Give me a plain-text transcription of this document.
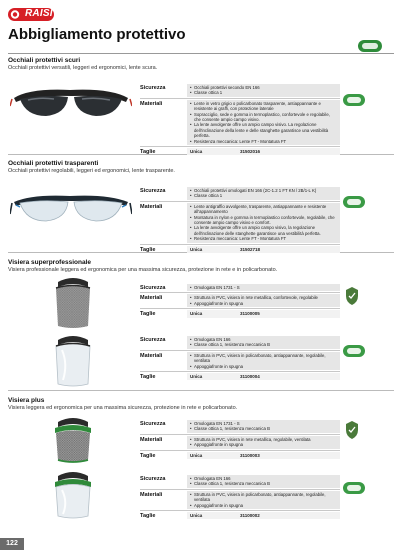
RAISI
Abbigliamento protettivo
Occhiali protettivi scuri
Occhiali protettivi versatili, leggeri ed ergonomici, lente scura.
Sicurezza	• Occhiali protettivi secondo EN 166
• Classe ottica 1
Materiali	• Lente in vetro grigio o policarbonato trasparente, antiappannante e resistente ai graffi, con protezione laterale
• Sopracciglio, sede e gomma in termoplastico, confortevole e regolabile, che consente ampio campo visivo.
• La lente avvolgente offre un ampio campo visivo. La regolazione dell'inclinazione della lente e delle stanghette garantisce una vestibilità perfetta.
• Resistenza meccanica: Lente FT - Montatura FT
Taglie	Unica	31502016
Occhiali protettivi trasparenti
Occhiali protettivi regolabili, leggeri ed ergonomici, lente trasparente.
Sicurezza	• Occhiali protettivi omologati EN 166 (2C-1.2 1 FT KN / 2B/1-L K)
• Classe ottica 1
Materiali	• Lente antigraffio avvolgente, trasparente, antiappannante e resistente all'appannamento
• Montatura in nylon e gomma in termoplastico confortevole, regolabile, che consente ampio campo visivo e comfort.
• La lente avvolgente offre un ampio campo visivo, la regolazione dell'inclinazione delle stanghette garantisce una vestibilità perfetta.
• Resistenza meccanica: Lente FT - Montatura FT
Taglie	Unica	31502718
Visiera superprofessionale
Visiera professionale leggera ed ergonomica per una massima sicurezza, protezione in rete e in policarbonato.
Sicurezza	• Omologata EN 1731 - S
Materiali	• Struttura in PVC, visiera in rete metallica, confortevole, regolabile
• Appoggiafronte in spugna
Taglie	Unica	31100005
Sicurezza	• Omologata EN 166
• Classe ottica 1, resistenza meccanica B
Materiali	• Struttura in PVC, visiera in policarbonato, antiappannante, regolabile, ventilata
• Appoggiafronte in spugna
Taglie	Unica	31100004
Visiera plus
Visiera leggera ed ergonomica per una massima sicurezza, protezione in rete e policarbonato.
Sicurezza	• Omologata EN 1731 - S
• Classe ottica 1, resistenza meccanica B
Materiali	• Struttura in PVC, visiera in rete metallica, regolabile, ventilata
• Appoggiafronte in spugna
Taglie	Unica	31100003
Sicurezza	• Omologata EN 166
• Classe ottica 1, resistenza meccanica B
Materiali	• Struttura in PVC, visiera in policarbonato, antiappannante, regolabile, ventilata
• Appoggiafronte in spugna
Taglie	Unica	31100002
122
